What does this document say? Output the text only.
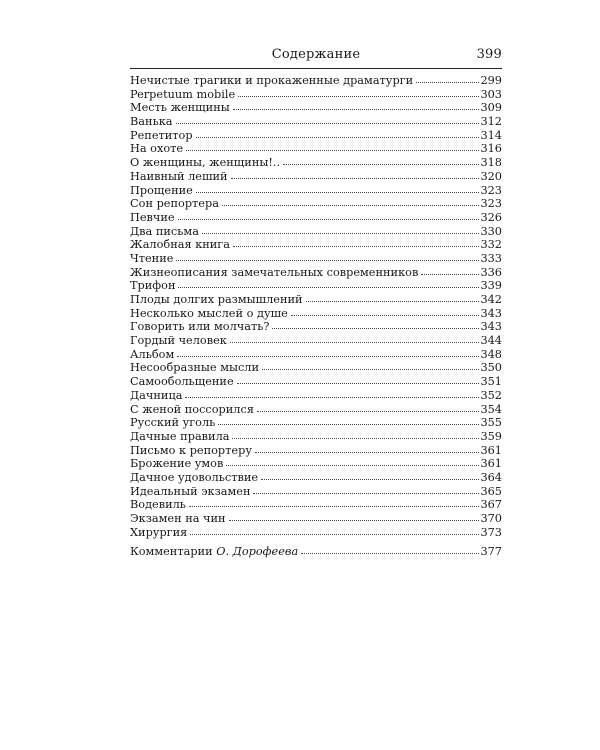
Содержание	399
Нечистые трагики и прокаженные драматурги	299
Perpetuum mobile	303
Месть женщины	309
Ванька	312
Репетитор	314
На охоте	316
О женщины, женщины!..	318
Наивный леший	320
Прощение	323
Сон репортера	323
Певчие	326
Два письма	330
Жалобная книга	332
Чтение	333
Жизнеописания замечательных современников	336
Трифон	339
Плоды долгих размышлений	342
Несколько мыслей о душе	343
Говорить или молчать?	343
Гордый человек	344
Альбом	348
Несообразные мысли	350
Самообольщение	351
Дачница	352
С женой поссорился	354
Русский уголь	355
Дачные правила	359
Письмо к репортеру	361
Брожение умов	361
Дачное удовольствие	364
Идеальный экзамен	365
Водевиль	367
Экзамен на чин	370
Хирургия	373
Комментарии О. Дорофеева	377
